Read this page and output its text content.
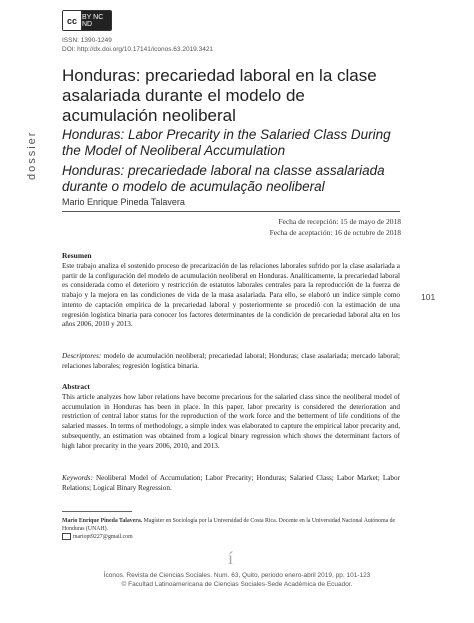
cc BY NC ND
ISSN: 1390-1249
DOI: http://dx.doi.org/10.17141/iconos.63.2019.3421
Honduras: precariedad laboral en la clase asalariada durante el modelo de acumulación neoliberal
Honduras: Labor Precarity in the Salaried Class During the Model of Neoliberal Accumulation
Honduras: precariedade laboral na classe assalariada durante o modelo de acumulação neoliberal
dossier
Mario Enrique Pineda Talavera
Fecha de recepción: 15 de mayo de 2018
Fecha de aceptación: 16 de octubre de 2018
101
Resumen
Este trabajo analiza el sostenido proceso de precarización de las relaciones laborales sufrido por la clase asalariada a partir de la configuración del modelo de acumulación neoliberal en Honduras. Analíticamente, la precariedad laboral es considerada como el deterioro y restricción de estatutos laborales centrales para la reproducción de la fuerza de trabajo y la mejora en las condiciones de vida de la masa asalariada. Para ello, se elaboró un índice simple como intento de captación empírica de la precariedad laboral y posteriormente se procedió con la estimación de una regresión logística binaria para conocer los factores determinantes de la condición de precariedad laboral alta en los años 2006, 2010 y 2013.
Descriptores: modelo de acumulación neoliberal; precariedad laboral; Honduras; clase asalariada; mercado laboral; relaciones laborales; regresión logística binaria.
Abstract
This article analyzes how labor relations have become precarious for the salaried class since the neoliberal model of accumulation in Honduras has been in place. In this paper, labor precarity is considered the deterioration and restriction of central labor status for the reproduction of the work force and the betterment of life conditions of the salaried masses. In terms of methodology, a simple index was elaborated to capture the empirical labor precarity and, subsequently, an estimation was obtained from a logical binary regression which shows the determinant factors of high labor precarity in the years 2006, 2010, and 2013.
Keywords: Neoliberal Model of Accumulation; Labor Precarity; Honduras; Salaried Class; Labor Market; Labor Relations; Logical Binary Regression.
Mario Enrique Pineda Talavera. Magíster en Sociología por la Universidad de Costa Rica. Docente en la Universidad Nacional Autónoma de Honduras (UNAH).
mariopt9227@gmail.com
í
Íconos. Revista de Ciencias Sociales. Num. 63, Quito, periodo enero-abril 2019, pp. 101-123
© Facultad Latinoamericana de Ciencias Sociales-Sede Académica de Ecuador.
